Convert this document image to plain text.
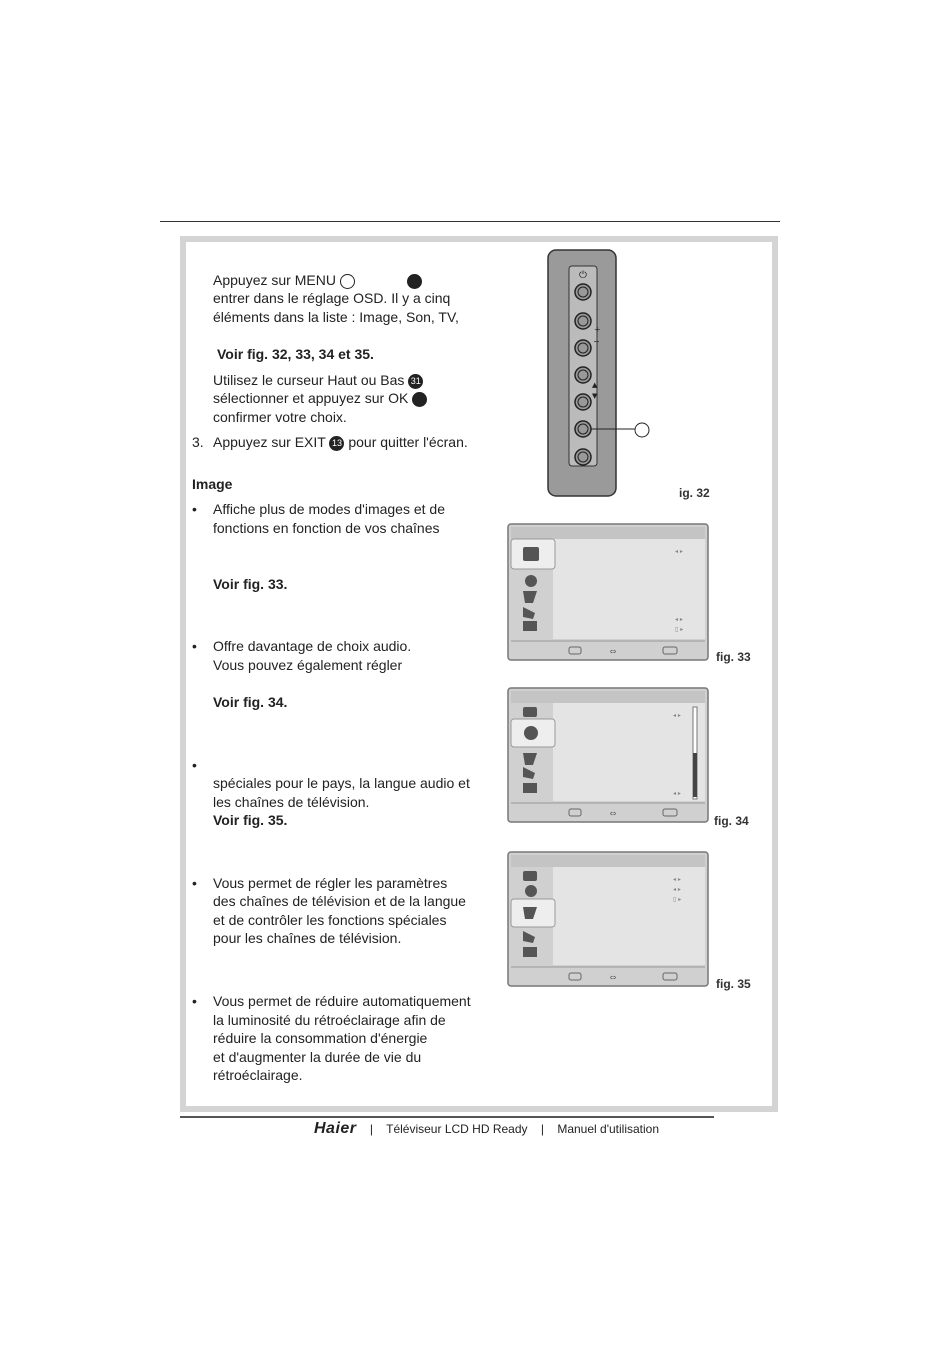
Appuyez sur MENU
entrer dans le réglage OSD. Il y a cinq
éléments dans la liste : Image, Son, TV,
Voir fig. 32, 33, 34 et 35.
Utilisez le curseur Haut ou Bas 31
sélectionner et appuyez sur OK
confirmer votre choix.
3. Appuyez sur EXIT 13 pour quitter l'écran.
Image
• Affiche plus de modes d'images et de
fonctions en fonction de vos chaînes
Voir fig. 33.
• Offre davantage de choix audio.
Vous pouvez également régler
Voir fig. 34.
•
spéciales pour le pays, la langue audio et
les chaînes de télévision.
Voir fig. 35.
• Vous permet de régler les paramètres
des chaînes de télévision et de la langue
et de contrôler les fonctions spéciales
pour les chaînes de télévision.
• Vous permet de réduire automatiquement
la luminosité du rétroéclairage afin de
réduire la consommation d'énergie
et d'augmenter la durée de vie du
rétroéclairage.
⏻
+
−
▲
▼
ig. 32
◂ ▸
◂ ▸
▯ ▸
⇔	fig. 33
◂ ▸
◂ ▸
⇔
fig. 34
◂ ▸
◂ ▸
▯ ▸
⇔	fig. 35
Haier | Téléviseur LCD HD Ready | Manuel d'utilisation
